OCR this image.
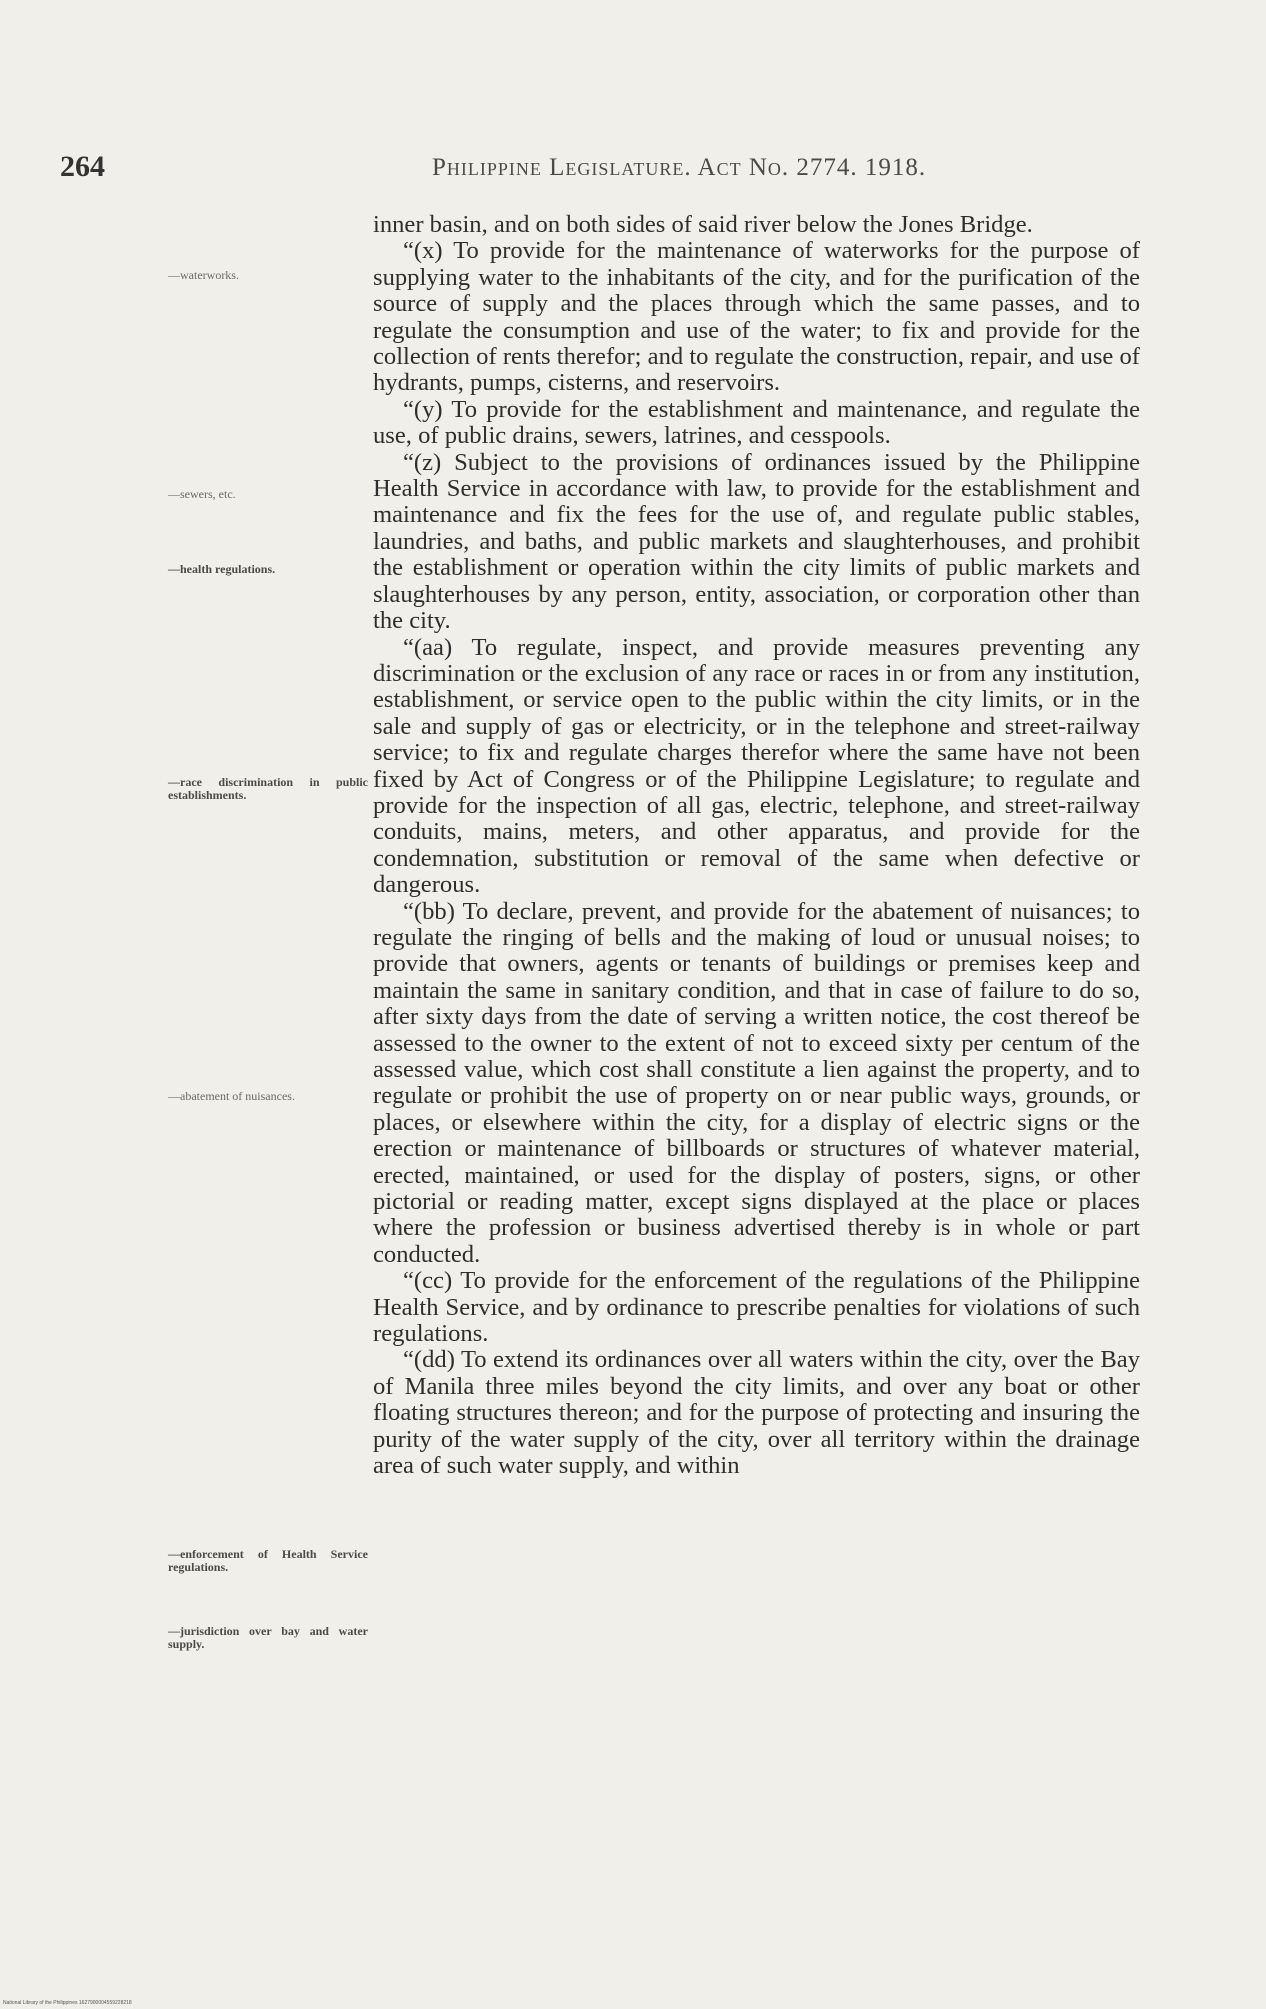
264	Philippine Legislature. Act No. 2774. 1918.
—waterworks.
—sewers, etc.
—health regulations.
—race discrimination in public establishments.
—abatement of nuisances.
—enforcement of Health Service regulations.
—jurisdiction over bay and water supply.

inner basin, and on both sides of said river below the Jones Bridge.

“(x) To provide for the maintenance of waterworks for the purpose of supplying water to the inhabitants of the city, and for the purification of the source of supply and the places through which the same passes, and to regulate the consumption and use of the water; to fix and provide for the collection of rents therefor; and to regulate the construction, repair, and use of hydrants, pumps, cisterns, and reservoirs.

“(y) To provide for the establishment and maintenance, and regulate the use, of public drains, sewers, latrines, and cesspools.

“(z) Subject to the provisions of ordinances issued by the Philippine Health Service in accordance with law, to provide for the establishment and maintenance and fix the fees for the use of, and regulate public stables, laundries, and baths, and public markets and slaughterhouses, and prohibit the establishment or operation within the city limits of public markets and slaughterhouses by any person, entity, association, or corporation other than the city.

“(aa) To regulate, inspect, and provide measures preventing any discrimination or the exclusion of any race or races in or from any institution, establishment, or service open to the public within the city limits, or in the sale and supply of gas or electricity, or in the telephone and street-railway service; to fix and regulate charges therefor where the same have not been fixed by Act of Congress or of the Philippine Legislature; to regulate and provide for the inspection of all gas, electric, telephone, and street-railway conduits, mains, meters, and other apparatus, and provide for the condemnation, substitution or removal of the same when defective or dangerous.

“(bb) To declare, prevent, and provide for the abatement of nuisances; to regulate the ringing of bells and the making of loud or unusual noises; to provide that owners, agents or tenants of buildings or premises keep and maintain the same in sanitary condition, and that in case of failure to do so, after sixty days from the date of serving a written notice, the cost thereof be assessed to the owner to the extent of not to exceed sixty per centum of the assessed value, which cost shall constitute a lien against the property, and to regulate or prohibit the use of property on or near public ways, grounds, or places, or elsewhere within the city, for a display of electric signs or the erection or maintenance of billboards or structures of whatever material, erected, maintained, or used for the display of posters, signs, or other pictorial or reading matter, except signs displayed at the place or places where the profession or business advertised thereby is in whole or part conducted.

“(cc) To provide for the enforcement of the regulations of the Philippine Health Service, and by ordinance to prescribe penalties for violations of such regulations.

“(dd) To extend its ordinances over all waters within the city, over the Bay of Manila three miles beyond the city limits, and over any boat or other floating structures thereon; and for the purpose of protecting and insuring the purity of the water supply of the city, over all territory within the drainage area of such water supply, and within

National Library of the Philippines 1627900004559228218
